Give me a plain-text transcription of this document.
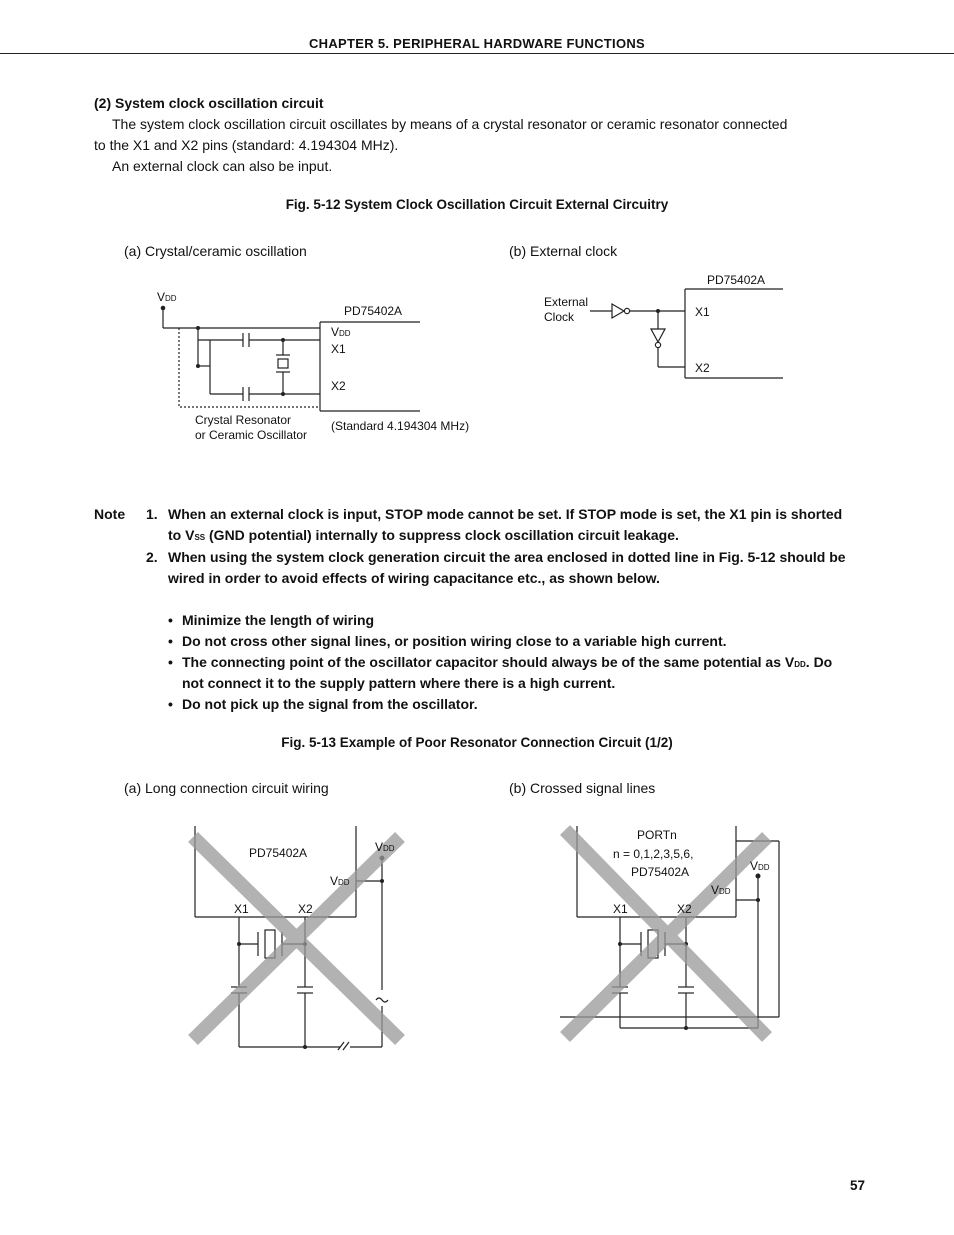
CHAPTER 5. PERIPHERAL HARDWARE FUNCTIONS
(2) System clock oscillation circuit
The system clock oscillation circuit oscillates by means of a crystal resonator or ceramic resonator connected
to the X1 and X2 pins (standard: 4.194304 MHz).
An external clock can also be input.
Fig. 5-12 System Clock Oscillation Circuit External Circuitry
(a) Crystal/ceramic oscillation	(b) External clock
VDD
PD75402A
VDD
X1
X2
Crystal Resonator
or Ceramic Oscillator
(Standard 4.194304 MHz)
PD75402A
External
Clock	X1
X2
Note 1. When an external clock is input, STOP mode cannot be set. If STOP mode is set, the X1 pin is shorted
to VSS (GND potential) internally to suppress clock oscillation circuit leakage.
2. When using the system clock generation circuit the area enclosed in dotted line in Fig. 5-12 should be
wired in order to avoid effects of wiring capacitance etc., as shown below.
• Minimize the length of wiring
• Do not cross other signal lines, or position wiring close to a variable high current.
• The connecting point of the oscillator capacitor should always be of the same potential as VDD. Do
not connect it to the supply pattern where there is a high current.
• Do not pick up the signal from the oscillator.
Fig. 5-13 Example of Poor Resonator Connection Circuit (1/2)
(a) Long connection circuit wiring	(b) Crossed signal lines
PD75402A	VDD
VDD
X1	X2
PORTn
n = 0,1,2,3,5,6,
PD75402A	VDD
VDD
X1	X2
57
